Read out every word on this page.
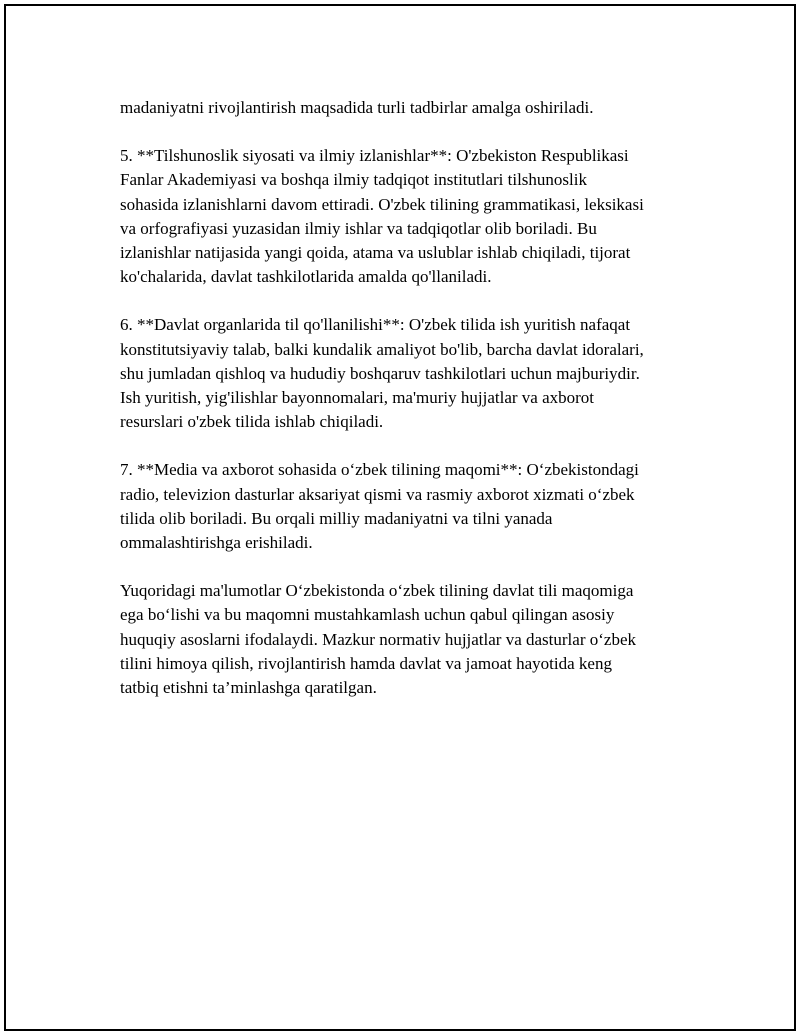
madaniyatni rivojlantirish maqsadida turli tadbirlar amalga oshiriladi.

5. **Tilshunoslik siyosati va ilmiy izlanishlar**: O'zbekiston Respublikasi
Fanlar Akademiyasi va boshqa ilmiy tadqiqot institutlari tilshunoslik
sohasida izlanishlarni davom ettiradi. O'zbek tilining grammatikasi, leksikasi
va orfografiyasi yuzasidan ilmiy ishlar va tadqiqotlar olib boriladi. Bu
izlanishlar natijasida yangi qoida, atama va uslublar ishlab chiqiladi, tijorat
ko'chalarida, davlat tashkilotlarida amalda qo'llaniladi.

6. **Davlat organlarida til qo'llanilishi**: O'zbek tilida ish yuritish nafaqat
konstitutsiyaviy talab, balki kundalik amaliyot bo'lib, barcha davlat idoralari,
shu jumladan qishloq va hududiy boshqaruv tashkilotlari uchun majburiydir.
Ish yuritish, yig'ilishlar bayonnomalari, ma'muriy hujjatlar va axborot
resurslari o'zbek tilida ishlab chiqiladi.

7. **Media va axborot sohasida o‘zbek tilining maqomi**: O‘zbekistondagi
radio, televizion dasturlar aksariyat qismi va rasmiy axborot xizmati o‘zbek
tilida olib boriladi. Bu orqali milliy madaniyatni va tilni yanada
ommalashtirishga erishiladi.

Yuqoridagi ma'lumotlar O‘zbekistonda o‘zbek tilining davlat tili maqomiga
ega bo‘lishi va bu maqomni mustahkamlash uchun qabul qilingan asosiy
huquqiy asoslarni ifodalaydi. Mazkur normativ hujjatlar va dasturlar o‘zbek
tilini himoya qilish, rivojlantirish hamda davlat va jamoat hayotida keng
tatbiq etishni ta’minlashga qaratilgan.
